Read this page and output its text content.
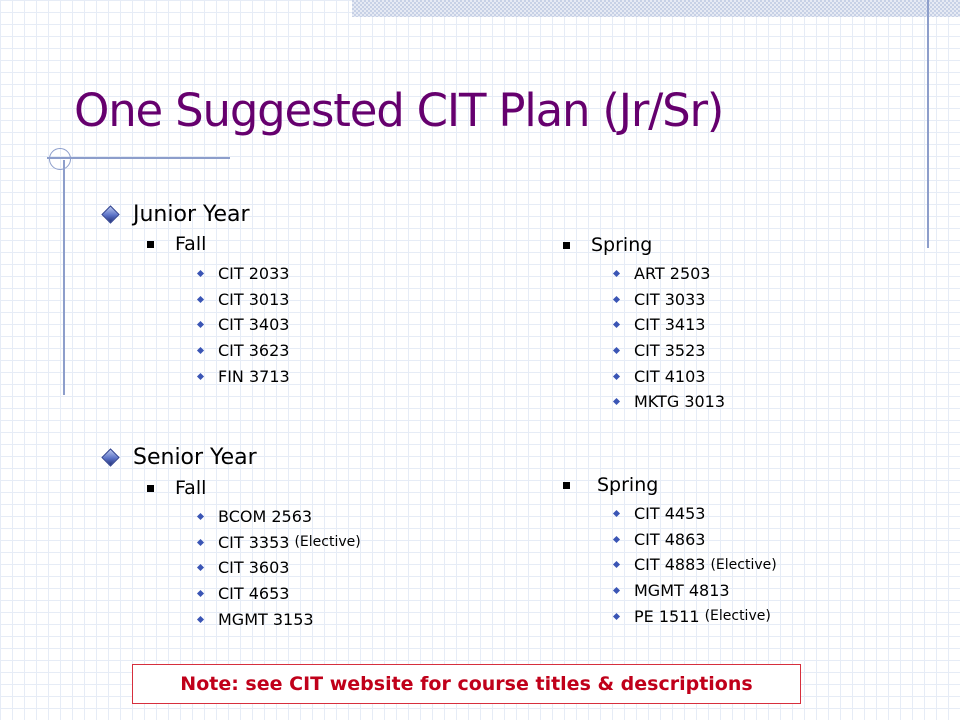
One Suggested CIT Plan (Jr/Sr)
Junior Year
Fall
CIT 2033
CIT 3013
CIT 3403
CIT 3623
FIN 3713
Spring
ART 2503
CIT 3033
CIT 3413
CIT 3523
CIT 4103
MKTG 3013
Senior Year
Fall
BCOM 2563
CIT 3353 (Elective)
CIT 3603
CIT 4653
MGMT 3153
Spring
CIT 4453
CIT 4863
CIT 4883 (Elective)
MGMT 4813
PE 1511 (Elective)
Note: see CIT website for course titles & descriptions
